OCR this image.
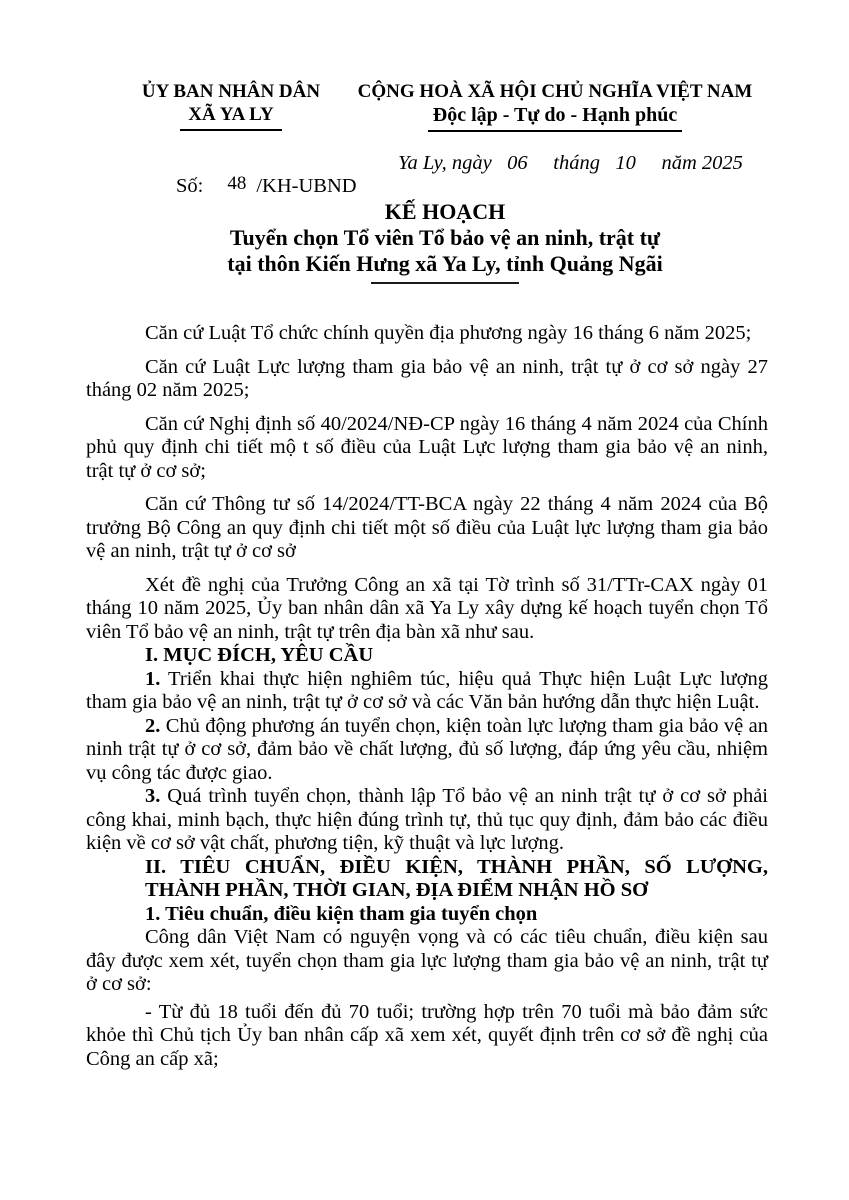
ỦY BAN NHÂN DÂN
XÃ YA LY
CỘNG HOÀ XÃ HỘI CHỦ NGHĨA VIỆT NAM
Độc lập - Tự do - Hạnh phúc

Số: 48 /KH-UBND

Ya Ly, ngày   06     tháng   10     năm 2025
KẾ HOẠCH
Tuyển chọn Tổ viên Tổ bảo vệ an ninh, trật tự
tại thôn Kiến Hưng xã Ya Ly, tỉnh Quảng Ngãi

Căn cứ Luật Tổ chức chính quyền địa phương ngày 16 tháng 6 năm 2025;

Căn cứ Luật Lực lượng tham gia bảo vệ an ninh, trật tự ở cơ sở ngày 27 tháng 02 năm 2025;

Căn cứ Nghị định số 40/2024/NĐ-CP ngày 16 tháng 4 năm 2024 của Chính phủ quy định chi tiết mộ t số điều của Luật Lực lượng tham gia bảo vệ an ninh, trật tự ở cơ sở;

Căn cứ Thông tư số 14/2024/TT-BCA ngày 22 tháng 4 năm 2024 của Bộ trưởng Bộ Công an quy định chi tiết một số điều của Luật lực lượng tham gia bảo vệ an ninh, trật tự ở cơ sở

Xét đề nghị của Trưởng Công an xã tại Tờ trình số 31/TTr-CAX ngày 01 tháng 10 năm 2025, Ủy ban nhân dân xã Ya Ly xây dựng kế hoạch tuyển chọn Tổ viên Tổ bảo vệ an ninh, trật tự trên địa bàn xã như sau.

I. MỤC ĐÍCH, YÊU CẦU

1. Triển khai thực hiện nghiêm túc, hiệu quả Thực hiện Luật Lực lượng tham gia bảo vệ an ninh, trật tự ở cơ sở và các Văn bản hướng dẫn thực hiện Luật.

2. Chủ động phương án tuyển chọn, kiện toàn lực lượng tham gia bảo vệ an ninh trật tự ở cơ sở, đảm bảo về chất lượng, đủ số lượng, đáp ứng yêu cầu, nhiệm vụ công tác được giao.

3. Quá trình tuyển chọn, thành lập Tổ bảo vệ an ninh trật tự ở cơ sở phải công khai, minh bạch, thực hiện đúng trình tự, thủ tục quy định, đảm bảo các điều kiện về cơ sở vật chất, phương tiện, kỹ thuật và lực lượng.

II. TIÊU CHUẨN, ĐIỀU KIỆN, THÀNH PHẦN, SỐ LƯỢNG,

THÀNH PHẦN, THỜI GIAN, ĐỊA ĐIỂM NHẬN HỒ SƠ

1. Tiêu chuẩn, điều kiện tham gia tuyển chọn

Công dân Việt Nam có nguyện vọng và có các tiêu chuẩn, điều kiện sau đây được xem xét, tuyển chọn tham gia lực lượng tham gia bảo vệ an ninh, trật tự ở cơ sở:

- Từ đủ 18 tuổi đến đủ 70 tuổi; trường hợp trên 70 tuổi mà bảo đảm sức khỏe thì Chủ tịch Ủy ban nhân cấp xã xem xét, quyết định trên cơ sở đề nghị của Công an cấp xã;
